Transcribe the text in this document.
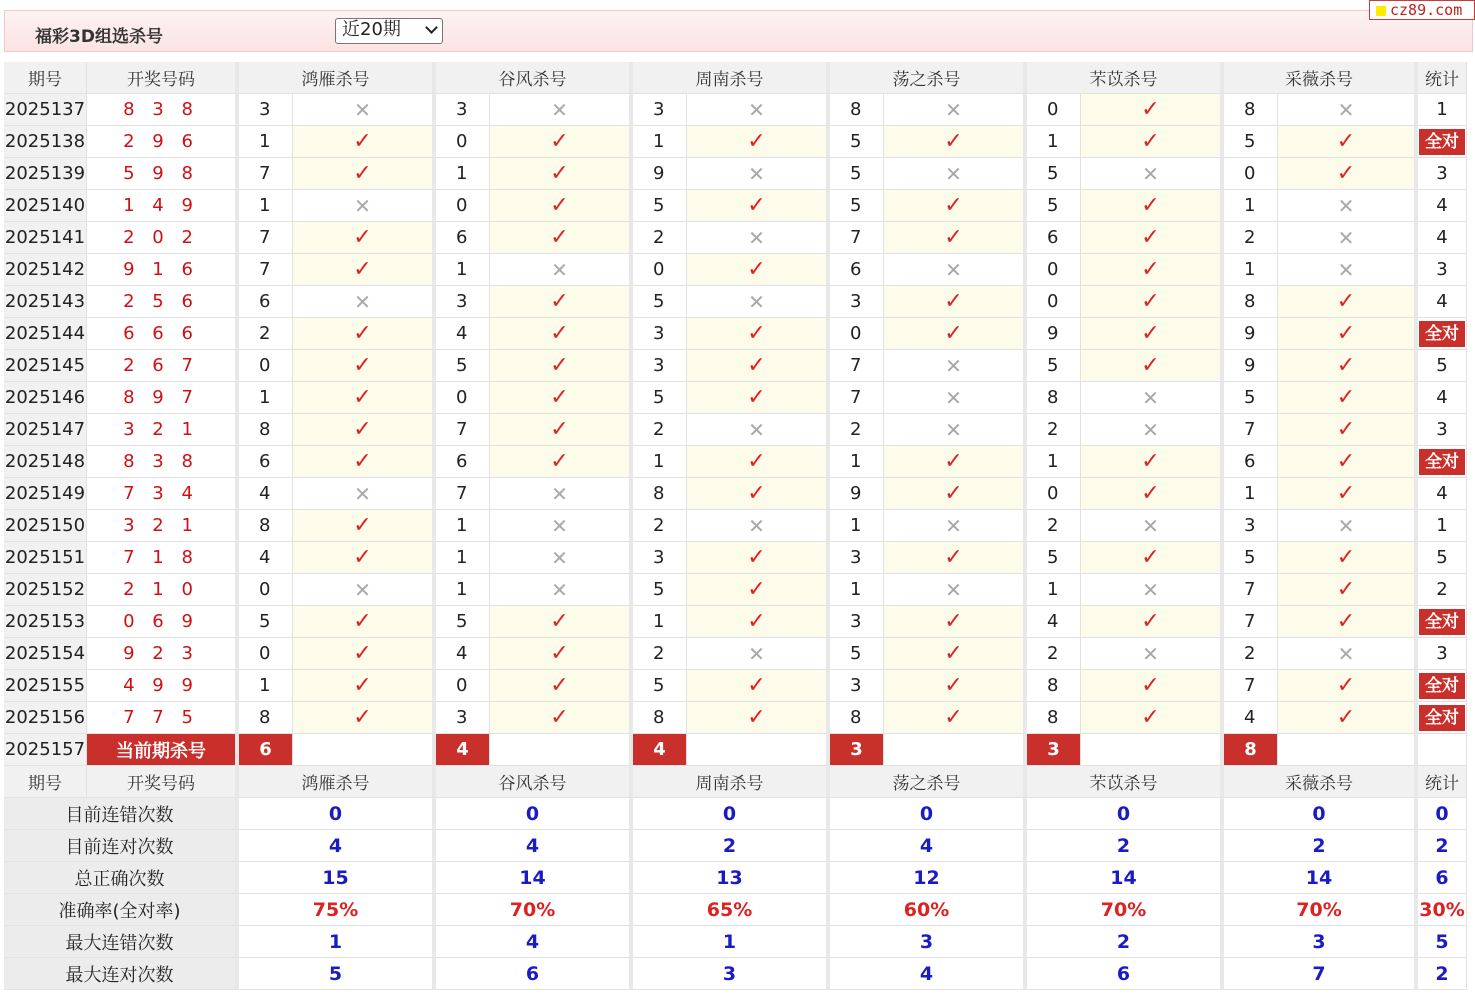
福彩3D组选杀号	近20期
cz89.com
期号	开奖号码	鸿雁杀号		谷风杀号		周南杀号		荡之杀号		芣苡杀号		采薇杀号		统计
2025137	8 3 8	3	✕	3	✕	3	✕	8	✕	0	✓	8	✕	1
2025138	2 9 6	1	✓	0	✓	1	✓	5	✓	1	✓	5	✓	全对
2025139	5 9 8	7	✓	1	✓	9	✕	5	✕	5	✕	0	✓	3
2025140	1 4 9	1	✕	0	✓	5	✓	5	✓	5	✓	1	✕	4
2025141	2 0 2	7	✓	6	✓	2	✕	7	✓	6	✓	2	✕	4
2025142	9 1 6	7	✓	1	✕	0	✓	6	✕	0	✓	1	✕	3
2025143	2 5 6	6	✕	3	✓	5	✕	3	✓	0	✓	8	✓	4
2025144	6 6 6	2	✓	4	✓	3	✓	0	✓	9	✓	9	✓	全对
2025145	2 6 7	0	✓	5	✓	3	✓	7	✕	5	✓	9	✓	5
2025146	8 9 7	1	✓	0	✓	5	✓	7	✕	8	✕	5	✓	4
2025147	3 2 1	8	✓	7	✓	2	✕	2	✕	2	✕	7	✓	3
2025148	8 3 8	6	✓	6	✓	1	✓	1	✓	1	✓	6	✓	全对
2025149	7 3 4	4	✕	7	✕	8	✓	9	✓	0	✓	1	✓	4
2025150	3 2 1	8	✓	1	✕	2	✕	1	✕	2	✕	3	✕	1
2025151	7 1 8	4	✓	1	✕	3	✓	3	✓	5	✓	5	✓	5
2025152	2 1 0	0	✕	1	✕	5	✓	1	✕	1	✕	7	✓	2
2025153	0 6 9	5	✓	5	✓	1	✓	3	✓	4	✓	7	✓	全对
2025154	9 2 3	0	✓	4	✓	2	✕	5	✓	2	✕	2	✕	3
2025155	4 9 9	1	✓	0	✓	5	✓	3	✓	8	✓	7	✓	全对
2025156	7 7 5	8	✓	3	✓	8	✓	8	✓	8	✓	4	✓	全对
2025157	当前期杀号	6		4		4		3		3		8		
期号	开奖号码	鸿雁杀号		谷风杀号		周南杀号		荡之杀号		芣苡杀号		采薇杀号		统计
目前连错次数		0		0		0		0		0		0		0
目前连对次数		4		4		2		4		2		2		2
总正确次数		15		14		13		12		14		14		6
准确率(全对率)		75%		70%		65%		60%		70%		70%		30%
最大连错次数		1		4		1		3		2		3		5
最大连对次数		5		6		3		4		6		7		2
